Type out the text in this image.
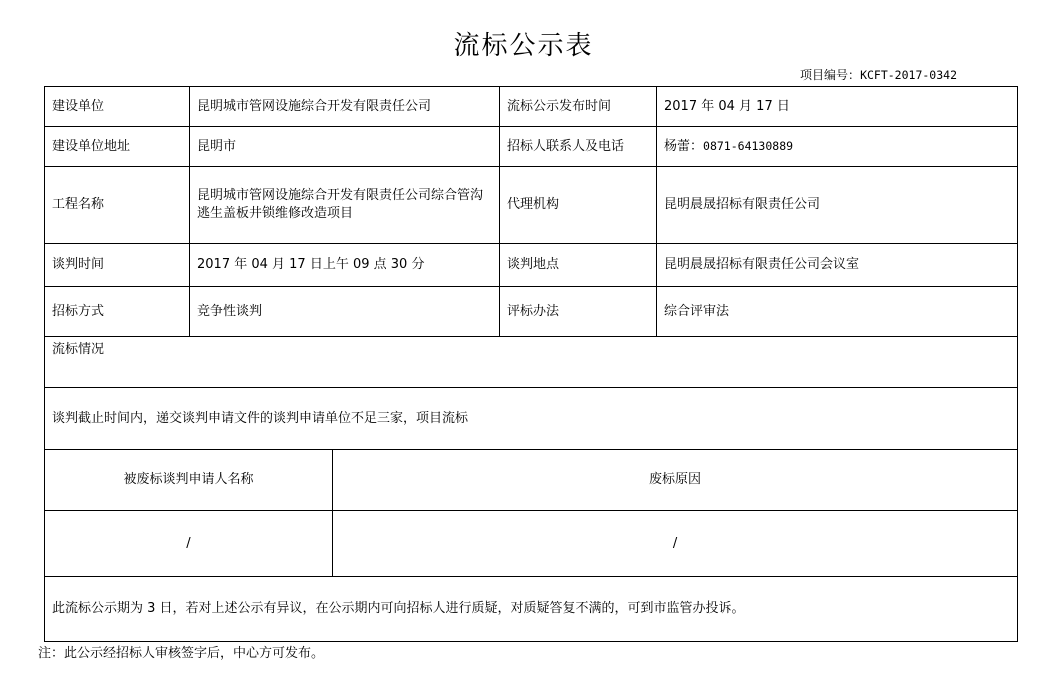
流标公示表
项目编号：KCFT-2017-0342
建设单位	昆明城市管网设施综合开发有限责任公司		流标公示发布时间	2017 年 04 月 17 日
建设单位地址	昆明市		招标人联系人及电话	杨蕾：0871-64130889
工程名称	昆明城市管网设施综合开发有限责任公司综合管沟逃生盖板井锁维修改造项目		代理机构	昆明晨晟招标有限责任公司
谈判时间	2017 年 04 月 17 日上午 09 点 30 分		谈判地点	昆明晨晟招标有限责任公司会议室
招标方式	竞争性谈判		评标办法	综合评审法
流标情况				
谈判截止时间内，递交谈判申请文件的谈判申请单位不足三家，项目流标				
被废标谈判申请人名称		废标原因		
/		/		
此流标公示期为 3 日，若对上述公示有异议，在公示期内可向招标人进行质疑，对质疑答复不满的，可到市监管办投诉。				
注：此公示经招标人审核签字后，中心方可发布。
